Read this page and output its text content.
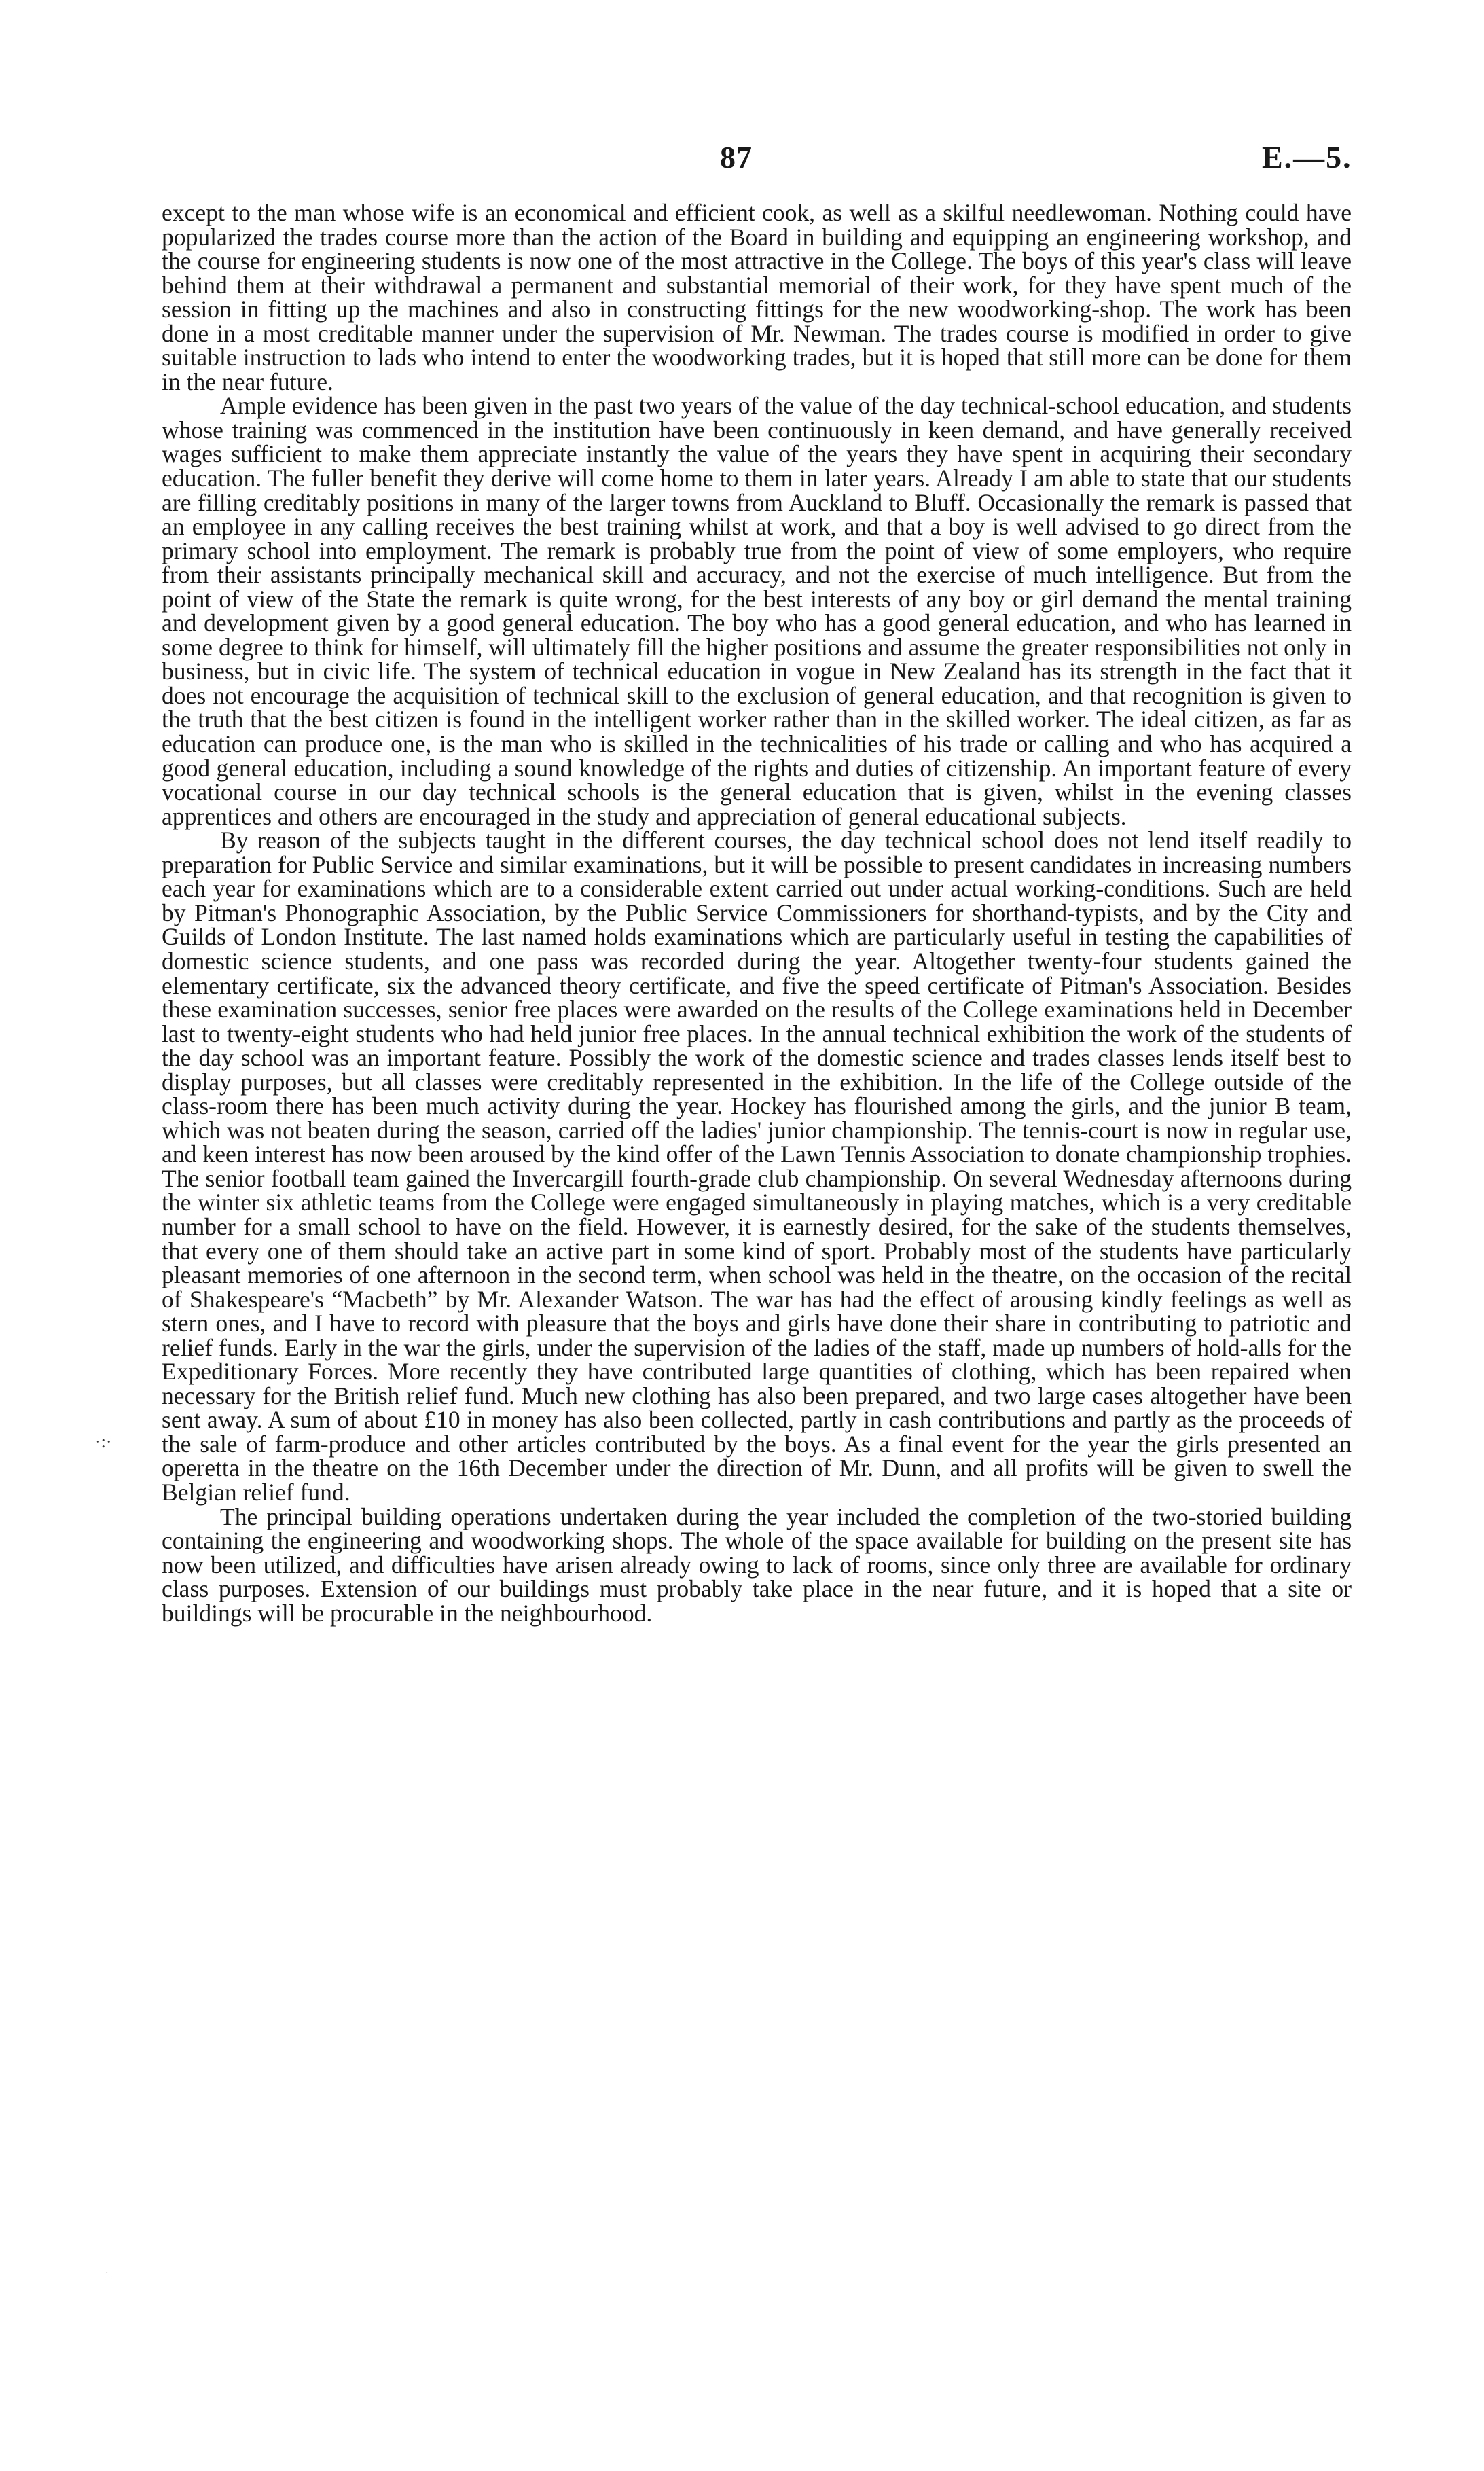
87	E.—5.

except to the man whose wife is an economical and efficient cook, as well as a skilful needlewoman. Nothing could have popularized the trades course more than the action of the Board in building and equipping an engineering workshop, and the course for engineering students is now one of the most attractive in the College. The boys of this year's class will leave behind them at their withdrawal a permanent and substantial memorial of their work, for they have spent much of the session in fitting up the machines and also in constructing fittings for the new woodworking-shop. The work has been done in a most creditable manner under the supervision of Mr. Newman. The trades course is modified in order to give suitable instruction to lads who intend to enter the woodworking trades, but it is hoped that still more can be done for them in the near future.

Ample evidence has been given in the past two years of the value of the day technical-school education, and students whose training was commenced in the institution have been continuously in keen demand, and have generally received wages sufficient to make them appreciate instantly the value of the years they have spent in acquiring their secondary education. The fuller benefit they derive will come home to them in later years. Already I am able to state that our students are filling creditably positions in many of the larger towns from Auckland to Bluff. Occasionally the remark is passed that an employee in any calling receives the best training whilst at work, and that a boy is well advised to go direct from the primary school into employment. The remark is probably true from the point of view of some employers, who require from their assistants principally mechanical skill and accuracy, and not the exercise of much intelligence. But from the point of view of the State the remark is quite wrong, for the best interests of any boy or girl demand the mental training and development given by a good general education. The boy who has a good general education, and who has learned in some degree to think for himself, will ultimately fill the higher positions and assume the greater responsibilities not only in business, but in civic life. The system of technical education in vogue in New Zealand has its strength in the fact that it does not encourage the acquisition of technical skill to the exclusion of general education, and that recognition is given to the truth that the best citizen is found in the intelligent worker rather than in the skilled worker. The ideal citizen, as far as education can produce one, is the man who is skilled in the technicalities of his trade or calling and who has acquired a good general education, including a sound knowledge of the rights and duties of citizenship. An important feature of every vocational course in our day technical schools is the general education that is given, whilst in the evening classes apprentices and others are encouraged in the study and appreciation of general educational subjects.

By reason of the subjects taught in the different courses, the day technical school does not lend itself readily to preparation for Public Service and similar examinations, but it will be possible to present candidates in increasing numbers each year for examinations which are to a considerable extent carried out under actual working-conditions. Such are held by Pitman's Phonographic Association, by the Public Service Commissioners for shorthand-typists, and by the City and Guilds of London Institute. The last named holds examinations which are particularly useful in testing the capabilities of domestic science students, and one pass was recorded during the year. Altogether twenty-four students gained the elementary certificate, six the advanced theory certificate, and five the speed certificate of Pitman's Association. Besides these examination successes, senior free places were awarded on the results of the College examinations held in December last to twenty-eight students who had held junior free places. In the annual technical exhibition the work of the students of the day school was an important feature. Possibly the work of the domestic science and trades classes lends itself best to display purposes, but all classes were creditably represented in the exhibition. In the life of the College outside of the class-room there has been much activity during the year. Hockey has flourished among the girls, and the junior B team, which was not beaten during the season, carried off the ladies' junior championship. The tennis-court is now in regular use, and keen interest has now been aroused by the kind offer of the Lawn Tennis Association to donate championship trophies. The senior football team gained the Invercargill fourth-grade club championship. On several Wednesday afternoons during the winter six athletic teams from the College were engaged simultaneously in playing matches, which is a very creditable number for a small school to have on the field. However, it is earnestly desired, for the sake of the students themselves, that every one of them should take an active part in some kind of sport. Probably most of the students have particularly pleasant memories of one afternoon in the second term, when school was held in the theatre, on the occasion of the recital of Shakespeare's “Macbeth” by Mr. Alexander Watson. The war has had the effect of arousing kindly feelings as well as stern ones, and I have to record with pleasure that the boys and girls have done their share in contributing to patriotic and relief funds. Early in the war the girls, under the supervision of the ladies of the staff, made up numbers of hold-alls for the Expeditionary Forces. More recently they have contributed large quantities of clothing, which has been repaired when necessary for the British relief fund. Much new clothing has also been prepared, and two large cases altogether have been sent away. A sum of about £10 in money has also been collected, partly in cash contributions and partly as the proceeds of the sale of farm-produce and other articles contributed by the boys. As a final event for the year the girls presented an operetta in the theatre on the 16th December under the direction of Mr. Dunn, and all profits will be given to swell the Belgian relief fund.

The principal building operations undertaken during the year included the completion of the two-storied building containing the engineering and woodworking shops. The whole of the space available for building on the present site has now been utilized, and difficulties have arisen already owing to lack of rooms, since only three are available for ordinary class purposes. Extension of our buildings must probably take place in the near future, and it is hoped that a site or buildings will be procurable in the neighbourhood.

·:·
·
